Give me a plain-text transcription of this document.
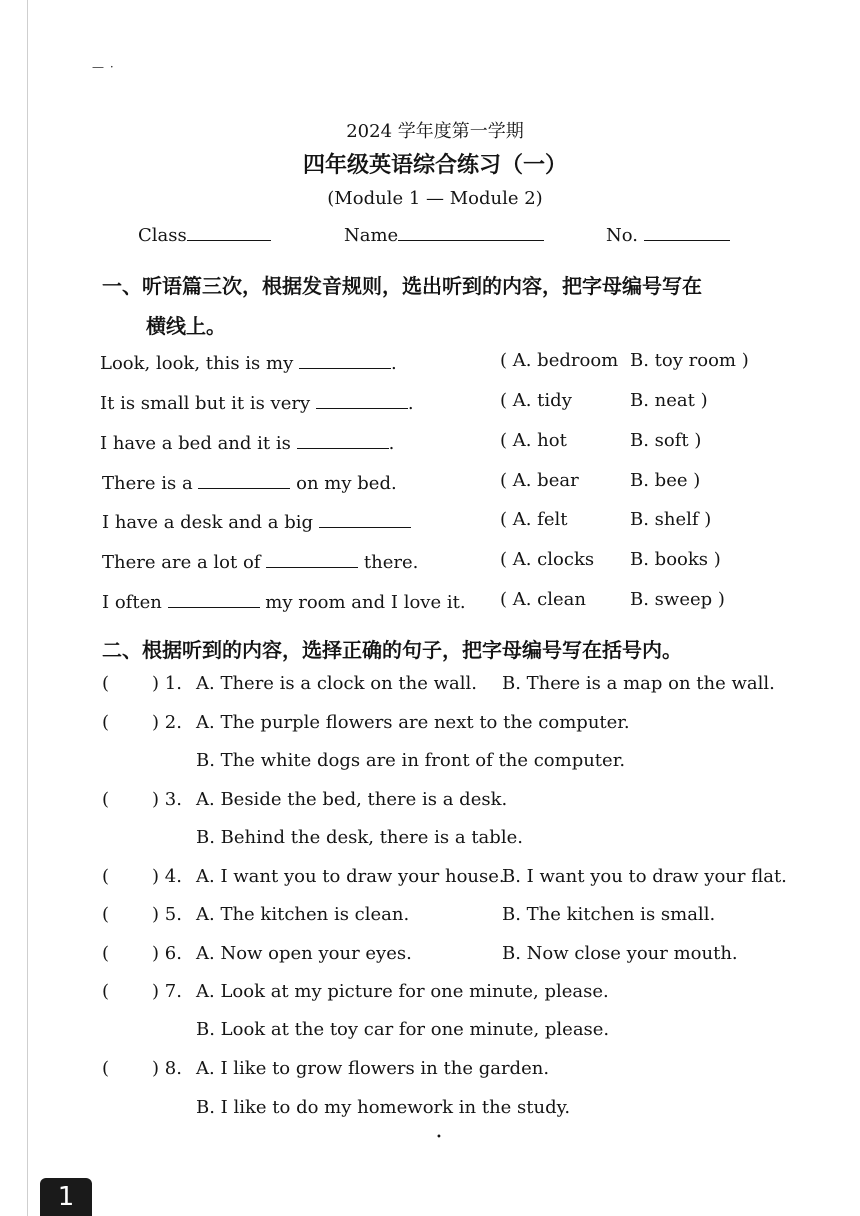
— ·
2024 学年度第一学期
四年级英语综合练习（一）
(Module 1 — Module 2)
Class	Name	No.
一、听语篇三次，根据发音规则，选出听到的内容，把字母编号写在
横线上。
Look, look, this is my	.	( A. bedroom B. toy room )
It is small but it is very	.	( A. tidy	B. neat )
I have a bed and it is	.	( A. hot	B. soft )
There is a	on my bed.	( A. bear	B. bee )
I have a desk and a big	( A. felt	B. shelf )
There are a lot of	there.	( A. clocks B. books )
I often	my room and I love it. ( A. clean B. sweep )
二、根据听到的内容，选择正确的句子，把字母编号写在括号内。
( ) 1. A. There is a clock on the wall. B. There is a map on the wall.
( ) 2. A. The purple flowers are next to the computer.
B. The white dogs are in front of the computer.
( ) 3. A. Beside the bed, there is a desk.
B. Behind the desk, there is a table.
( ) 4. A. I want you to draw your house.
B. I want you to draw your flat.
( ) 5. A. The kitchen is clean.	B. The kitchen is small.
( ) 6. A. Now open your eyes.	B. Now close your mouth.
( ) 7. A. Look at my picture for one minute, please.
B. Look at the toy car for one minute, please.
( ) 8. A. I like to grow flowers in the garden.
B. I like to do my homework in the study.
•
1
